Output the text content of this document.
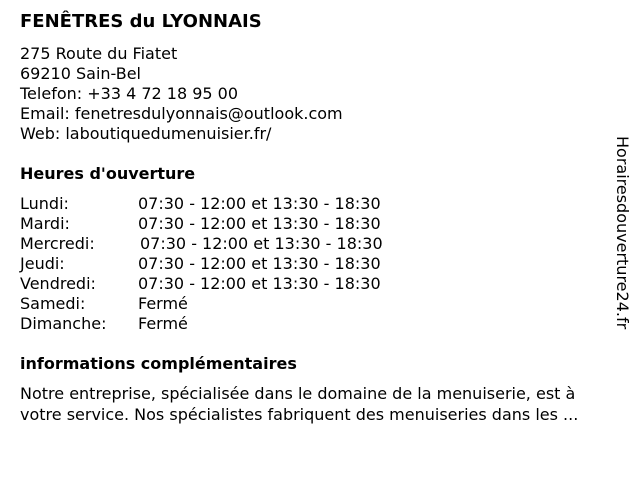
FENÊTRES du LYONNAIS
275 Route du Fiatet
69210 Sain-Bel
Telefon: +33 4 72 18 95 00
Email: fenetresdulyonnais@outlook.com
Web: laboutiquedumenuisier.fr/
Heures d'ouverture
Lundi:	07:30 - 12:00 et 13:30 - 18:30
Mardi:	07:30 - 12:00 et 13:30 - 18:30
Mercredi:	07:30 - 12:00 et 13:30 - 18:30
Jeudi:	07:30 - 12:00 et 13:30 - 18:30
Vendredi:	07:30 - 12:00 et 13:30 - 18:30
Samedi:	Fermé
Dimanche: Fermé
informations complémentaires
Notre entreprise, spécialisée dans le domaine de la menuiserie, est à
votre service. Nos spécialistes fabriquent des menuiseries dans les ...
Horairesdouverture24.fr
